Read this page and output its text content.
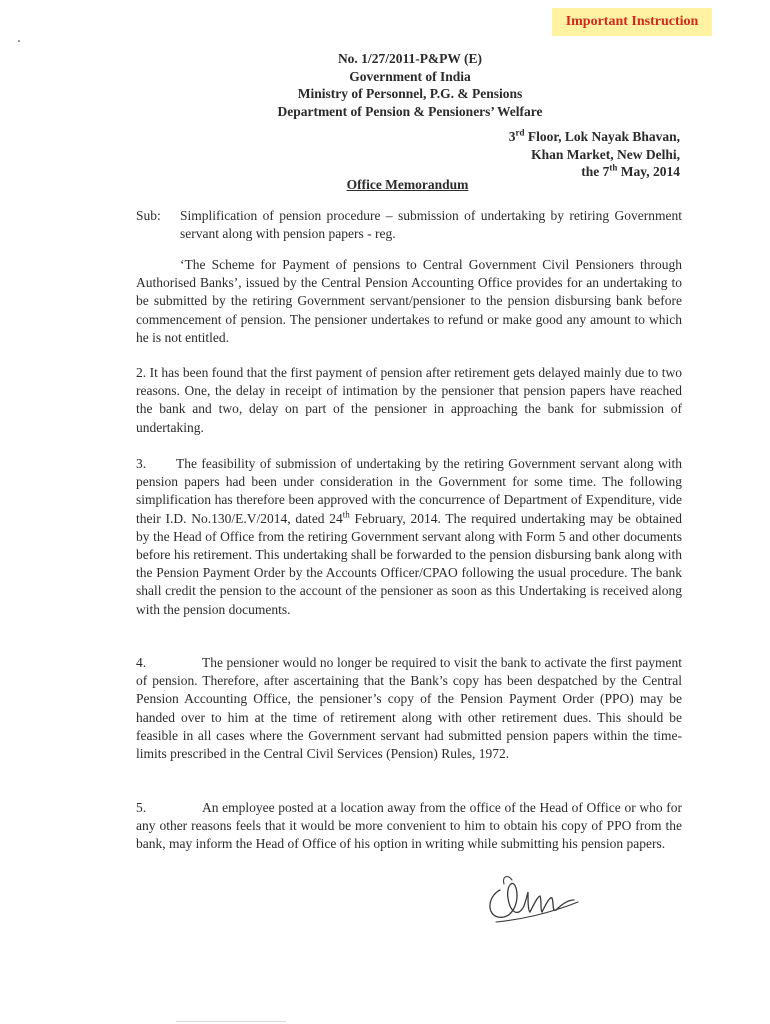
Important Instruction
No. 1/27/2011-P&PW (E)
Government of India
Ministry of Personnel, P.G. & Pensions
Department of Pension & Pensioners’ Welfare
3rd Floor, Lok Nayak Bhavan,
Khan Market, New Delhi,
the 7th May, 2014
Office Memorandum
Sub:	Simplification of pension procedure – submission of undertaking by retiring Government servant along with pension papers - reg.
‘The Scheme for Payment of pensions to Central Government Civil Pensioners through Authorised Banks’, issued by the Central Pension Accounting Office provides for an undertaking to be submitted by the retiring Government servant/pensioner to the pension disbursing bank before commencement of pension. The pensioner undertakes to refund or make good any amount to which he is not entitled.
2. It has been found that the first payment of pension after retirement gets delayed mainly due to two reasons. One, the delay in receipt of intimation by the pensioner that pension papers have reached the bank and two, delay on part of the pensioner in approaching the bank for submission of undertaking.
3. The feasibility of submission of undertaking by the retiring Government servant along with pension papers had been under consideration in the Government for some time. The following simplification has therefore been approved with the concurrence of Department of Expenditure, vide their I.D. No.130/E.V/2014, dated 24th February, 2014. The required undertaking may be obtained by the Head of Office from the retiring Government servant along with Form 5 and other documents before his retirement. This undertaking shall be forwarded to the pension disbursing bank along with the Pension Payment Order by the Accounts Officer/CPAO following the usual procedure. The bank shall credit the pension to the account of the pensioner as soon as this Undertaking is received along with the pension documents.
4.	The pensioner would no longer be required to visit the bank to activate the first payment of pension. Therefore, after ascertaining that the Bank’s copy has been despatched by the Central Pension Accounting Office, the pensioner’s copy of the Pension Payment Order (PPO) may be handed over to him at the time of retirement along with other retirement dues. This should be feasible in all cases where the Government servant had submitted pension papers within the time-limits prescribed in the Central Civil Services (Pension) Rules, 1972.
5.	An employee posted at a location away from the office of the Head of Office or who for any other reasons feels that it would be more convenient to him to obtain his copy of PPO from the bank, may inform the Head of Office of his option in writing while submitting his pension papers.
